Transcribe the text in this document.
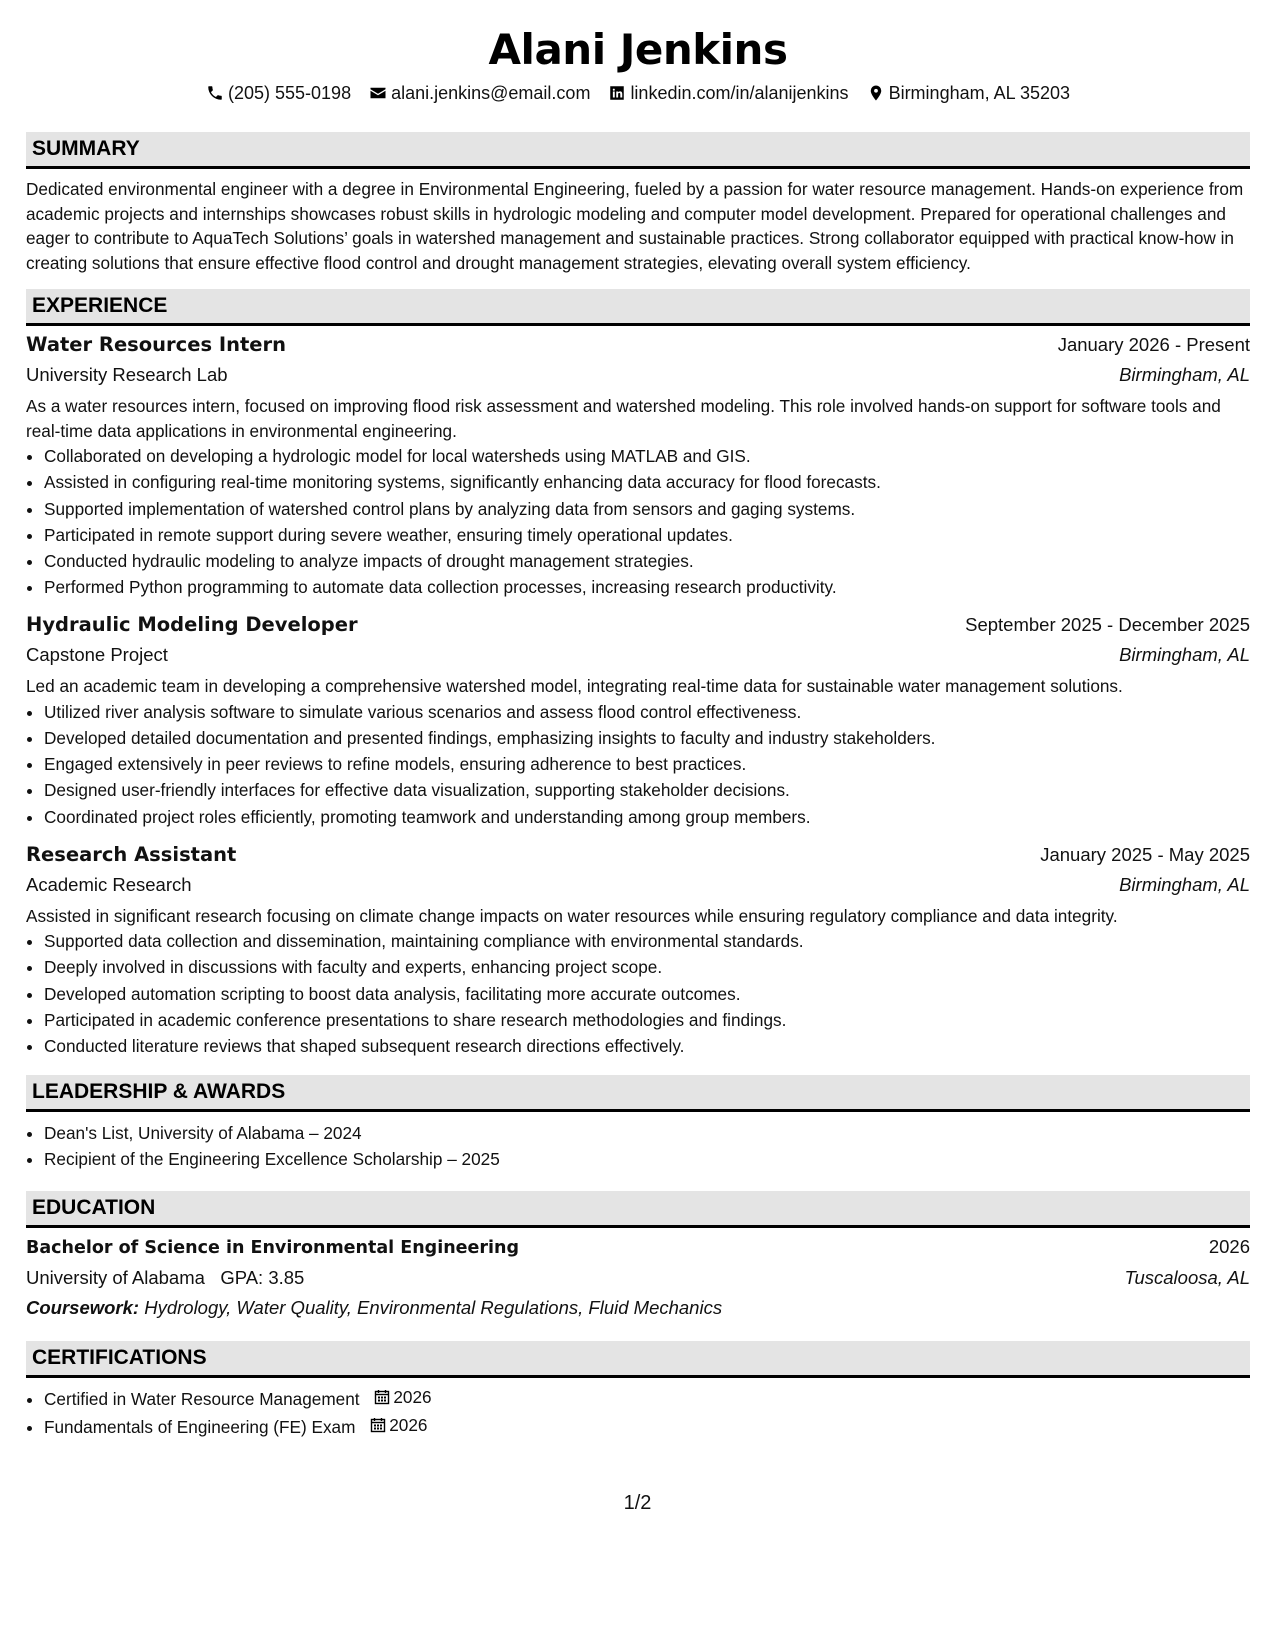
Alani Jenkins
(205) 555-0198 alani.jenkins@email.com linkedin.com/in/alanijenkins Birmingham, AL 35203
SUMMARY

Dedicated environmental engineer with a degree in Environmental Engineering, fueled by a passion for water resource management. Hands-on experience from academic projects and internships showcases robust skills in hydrologic modeling and computer model development. Prepared for operational challenges and eager to contribute to AquaTech Solutions’ goals in watershed management and sustainable practices. Strong collaborator equipped with practical know-how in creating solutions that ensure effective flood control and drought management strategies, elevating overall system efficiency.

EXPERIENCE
Water Resources Intern	January 2026 - Present
University Research Lab	Birmingham, AL
As a water resources intern, focused on improving flood risk assessment and watershed modeling. This role involved hands-on support for software tools and real-time data applications in environmental engineering.
• Collaborated on developing a hydrologic model for local watersheds using MATLAB and GIS.
• Assisted in configuring real-time monitoring systems, significantly enhancing data accuracy for flood forecasts.
• Supported implementation of watershed control plans by analyzing data from sensors and gaging systems.
• Participated in remote support during severe weather, ensuring timely operational updates.
• Conducted hydraulic modeling to analyze impacts of drought management strategies.
• Performed Python programming to automate data collection processes, increasing research productivity.
Hydraulic Modeling Developer	September 2025 - December 2025
Capstone Project	Birmingham, AL
Led an academic team in developing a comprehensive watershed model, integrating real-time data for sustainable water management solutions.
• Utilized river analysis software to simulate various scenarios and assess flood control effectiveness.
• Developed detailed documentation and presented findings, emphasizing insights to faculty and industry stakeholders.
• Engaged extensively in peer reviews to refine models, ensuring adherence to best practices.
• Designed user-friendly interfaces for effective data visualization, supporting stakeholder decisions.
• Coordinated project roles efficiently, promoting teamwork and understanding among group members.
Research Assistant	January 2025 - May 2025
Academic Research	Birmingham, AL
Assisted in significant research focusing on climate change impacts on water resources while ensuring regulatory compliance and data integrity.
• Supported data collection and dissemination, maintaining compliance with environmental standards.
• Deeply involved in discussions with faculty and experts, enhancing project scope.
• Developed automation scripting to boost data analysis, facilitating more accurate outcomes.
• Participated in academic conference presentations to share research methodologies and findings.
• Conducted literature reviews that shaped subsequent research directions effectively.
LEADERSHIP & AWARDS
• Dean's List, University of Alabama – 2024
• Recipient of the Engineering Excellence Scholarship – 2025
EDUCATION
Bachelor of Science in Environmental Engineering	2026
University of Alabama GPA: 3.85	Tuscaloosa, AL
Coursework: Hydrology, Water Quality, Environmental Regulations, Fluid Mechanics
CERTIFICATIONS
• Certified in Water Resource Management 2026
• Fundamentals of Engineering (FE) Exam 2026
1/2
